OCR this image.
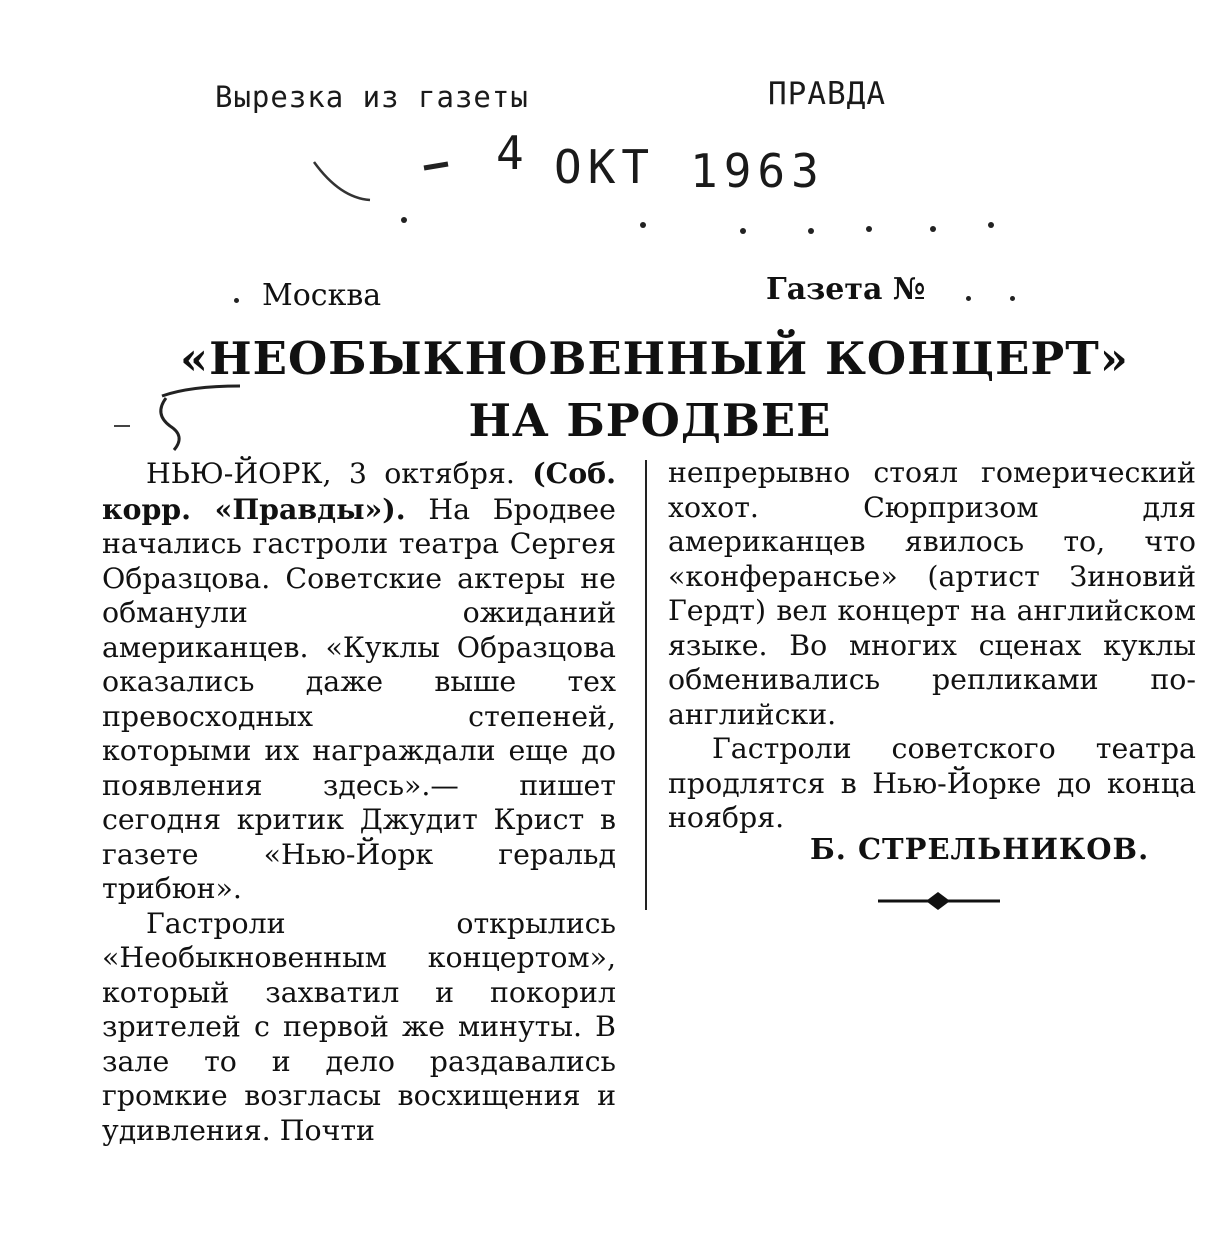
Вырезка из газеты	ПРАВДА
4 ОКТ 1963
Москва	Газета №
«НЕОБЫКНОВЕННЫЙ КОНЦЕРТ»
НА БРОДВЕЕ

НЬЮ-ЙОРК, 3 октября. (Соб. корр. «Правды»). На Бродвее начались гастроли театра Сергея Образцова. Советские актеры не обманули ожиданий американцев. «Куклы Образцова оказались даже выше тех превосходных степеней, которыми их награждали еще до появления здесь».— пишет сегодня критик Джудит Крист в газете «Нью-Йорк геральд трибюн».

Гастроли открылись «Необыкновенным концертом», который захватил и покорил зрителей с первой же минуты. В зале то и дело раздавались громкие возгласы восхищения и удивления. Почти

непрерывно стоял гомерический хохот. Сюрпризом для американцев явилось то, что «конферансье» (артист Зиновий Гердт) вел концерт на английском языке. Во многих сценах куклы обменивались репликами по-английски.

Гастроли советского театра продлятся в Нью-Йорке до конца ноября.

Б. СТРЕЛЬНИКОВ.
